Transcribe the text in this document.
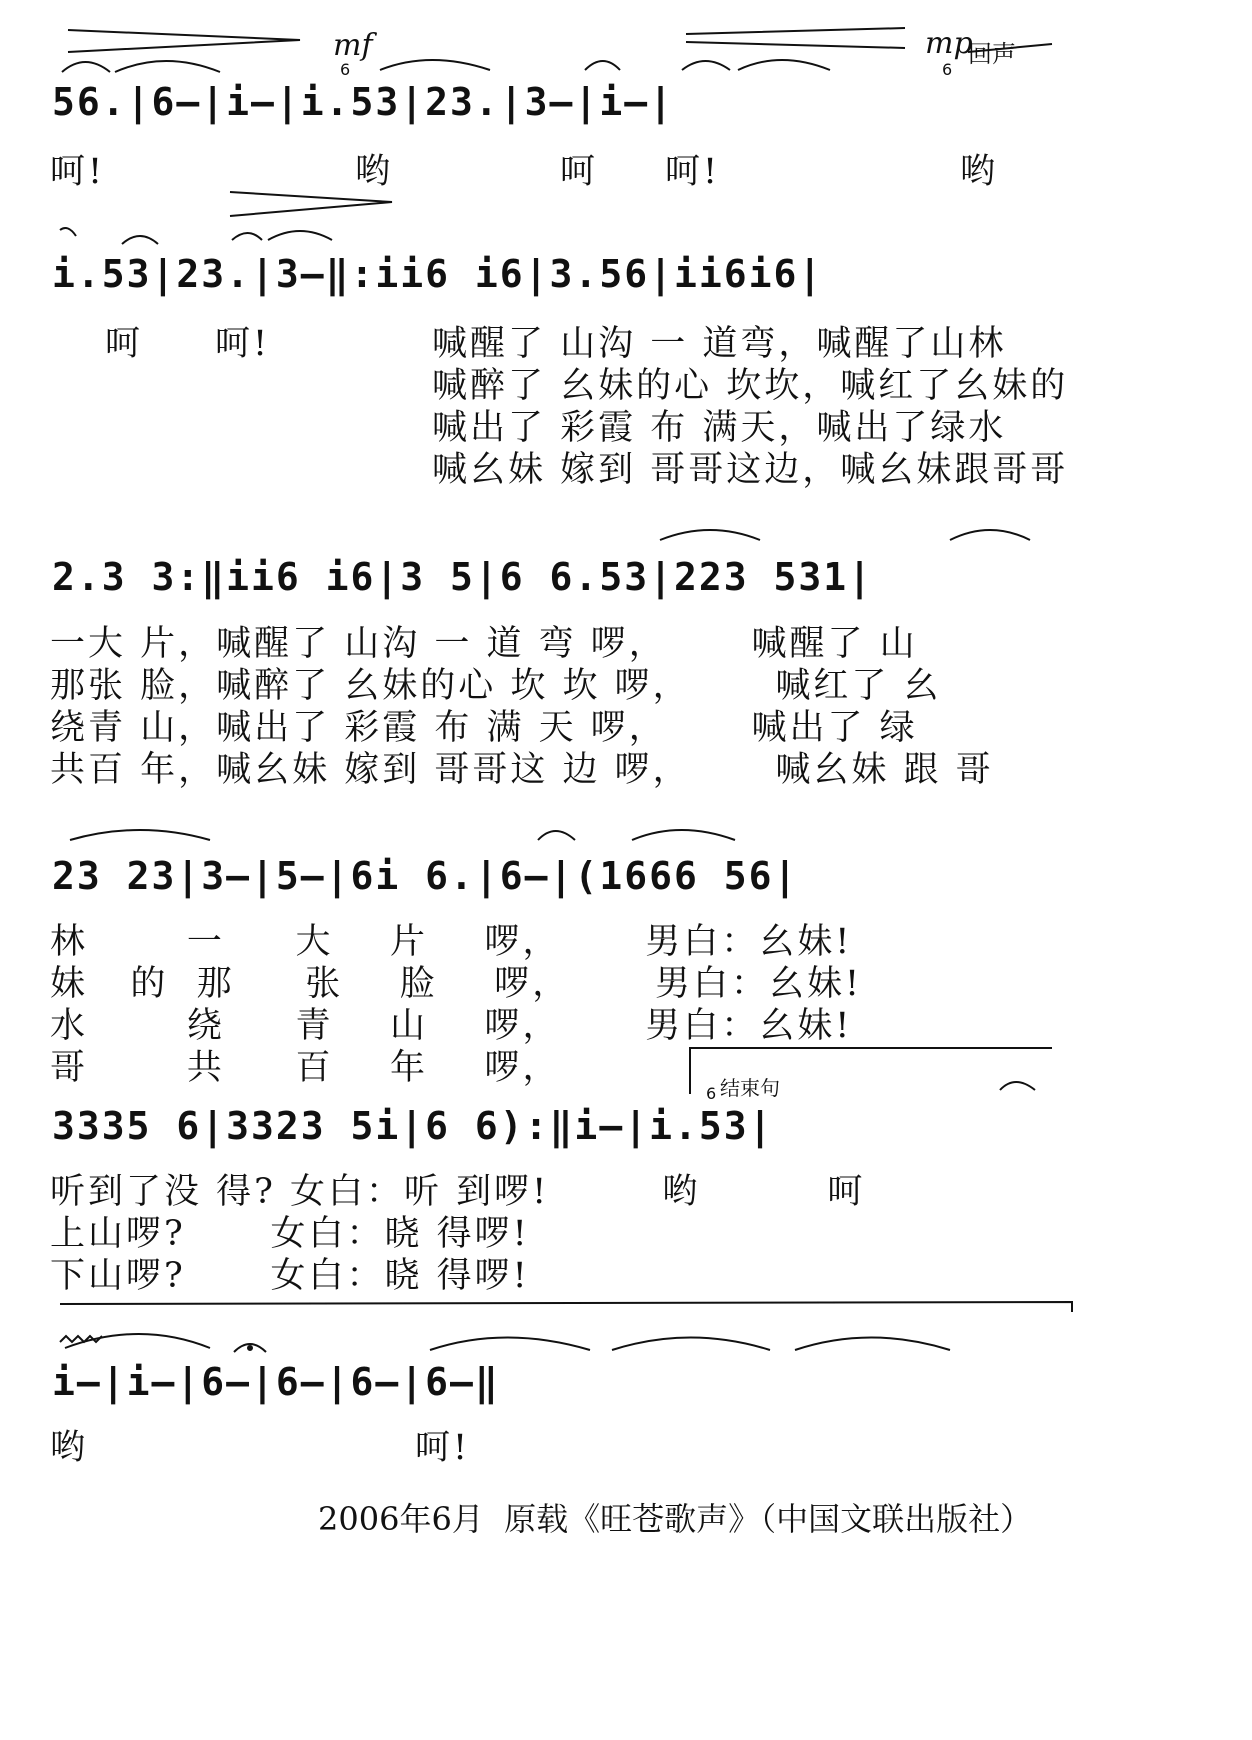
mf	mp
回声
结束句
6	6
6
56.|6–|i–|i.53|23.|3–|i–|
i.53|23.|3–‖:ii6 i6|3.56|ii6i6|
2.3 3:‖ii6 i6|3 5|6 6.53|223 531|
23 23|3–|5–|6i 6.|6–|(1666 56|
3335 6|3323 5i|6 6):‖i–|i.53|
i–|i–|6–|6–|6–|6–‖
呵!	哟	呵 呵!	哟
呵 呵!	喊醒了 山沟 一 道弯，喊醒了山林
喊醉了 幺妹的心 坎坎，喊红了幺妹的
喊出了 彩霞 布 满天，喊出了绿水
喊幺妹 嫁到 哥哥这边，喊幺妹跟哥哥
一大 片，喊醒了 山沟 一 道 弯 啰，      喊醒了 山
那张 脸，喊醉了 幺妹的心 坎 坎 啰，      喊红了 幺
绕青 山，喊出了 彩霞 布 满 天 啰，      喊出了 绿
共百 年，喊幺妹 嫁到 哥哥这 边 啰，      喊幺妹 跟 哥
林       一     大    片    啰，      男白：幺妹!
妹   的  那     张    脸    啰，      男白：幺妹!
水       绕     青    山    啰，      男白：幺妹!
哥       共     百    年    啰，
听到了没 得? 女白：听 到啰!        哟         呵
上山啰?      女白：晓 得啰!
下山啰?      女白：晓 得啰!
哟	呵!
2006年6月  原载《旺苍歌声》（中国文联出版社）
